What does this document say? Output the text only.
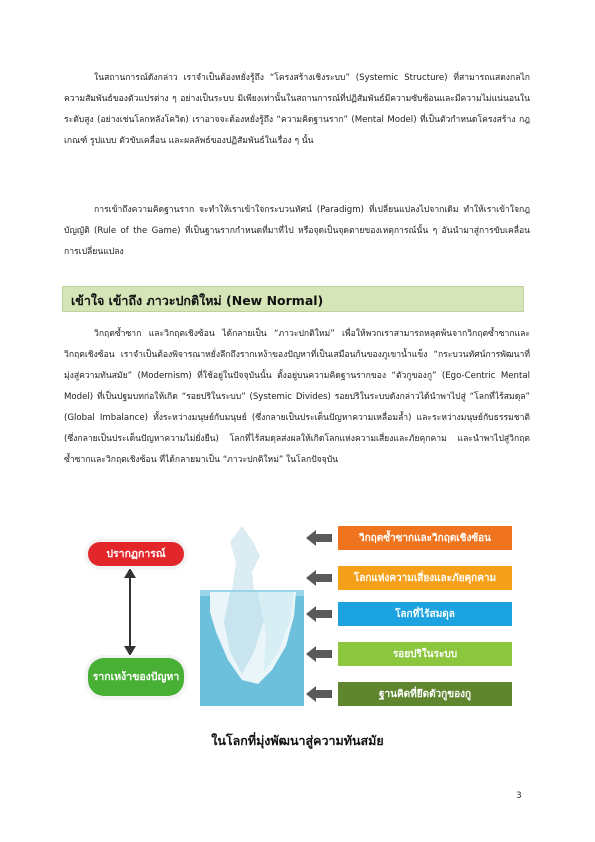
ในสถานการณ์ดังกล่าว เราจำเป็นต้องหยั่งรู้ถึง “โครงสร้างเชิงระบบ” (Systemic Structure) ที่สามารถแสดงกลไกความสัมพันธ์ของตัวแปรต่าง ๆ อย่างเป็นระบบ มิเพียงเท่านั้นในสถานการณ์ที่ปฏิสัมพันธ์มีความซับซ้อนและมีความไม่แน่นอนในระดับสูง (อย่างเช่นโลกหลังโควิด) เราอาจจะต้องหยั่งรู้ถึง “ความคิดฐานราก” (Mental Model) ที่เป็นตัวกำหนดโครงสร้าง กฎเกณฑ์ รูปแบบ ตัวขับเคลื่อน และผลลัพธ์ของปฏิสัมพันธ์ในเรื่อง ๆ นั้น

การเข้าถึงความคิดฐานราก จะทำให้เราเข้าใจกระบวนทัศน์ (Paradigm) ที่เปลี่ยนแปลงไปจากเดิม ทำให้เราเข้าใจกฎบัญญัติ (Rule of the Game) ที่เป็นฐานรากกำหนดที่มาที่ไป หรือจุดเป็นจุดตายของเหตุการณ์นั้น ๆ อันนำมาสู่การขับเคลื่อนการเปลี่ยนแปลง

เข้าใจ เข้าถึง ภาวะปกติใหม่ (New Normal)

วิกฤตซ้ำซาก และวิกฤตเชิงซ้อน ได้กลายเป็น “ภาวะปกติใหม่” เพื่อให้พวกเราสามารถหลุดพ้นจากวิกฤตซ้ำซากและวิกฤตเชิงซ้อน เราจำเป็นต้องพิจารณาหยั่งลึกถึงรากเหง้าของปัญหาที่เป็นเสมือนก้นของภูเขาน้ำแข็ง “กระบวนทัศน์การพัฒนาที่มุ่งสู่ความทันสมัย” (Modernism) ที่ใช้อยู่ในปัจจุบันนั้น ตั้งอยู่บนความคิดฐานรากของ “ตัวกูของกู” (Ego-Centric Mental Model) ที่เป็นปฐมบทก่อให้เกิด “รอยปริในระบบ” (Systemic Divides) รอยปริในระบบดังกล่าวได้นำพาไปสู่ “โลกที่ไร้สมดุล” (Global Imbalance) ทั้งระหว่างมนุษย์กับมนุษย์ (ซึ่งกลายเป็นประเด็นปัญหาความเหลื่อมล้ำ) และระหว่างมนุษย์กับธรรมชาติ (ซึ่งกลายเป็นประเด็นปัญหาความไม่ยั่งยืน) โลกที่ไร้สมดุลส่งผลให้เกิดโลกแห่งความเสี่ยงและภัยคุกคาม และนำพาไปสู่วิกฤตซ้ำซากและวิกฤตเชิงซ้อน ที่ได้กลายมาเป็น “ภาวะปกติใหม่” ในโลกปัจจุบัน

ปรากฏการณ์
รากเหง้าของปัญหา
วิกฤตซ้ำซากและวิกฤตเชิงซ้อน
โลกแห่งความเสี่ยงและภัยคุกคาม
โลกที่ไร้สมดุล
รอยปริในระบบ
ฐานคิดที่ยึดตัวกูของกู
ในโลกที่มุ่งพัฒนาสู่ความทันสมัย
3
